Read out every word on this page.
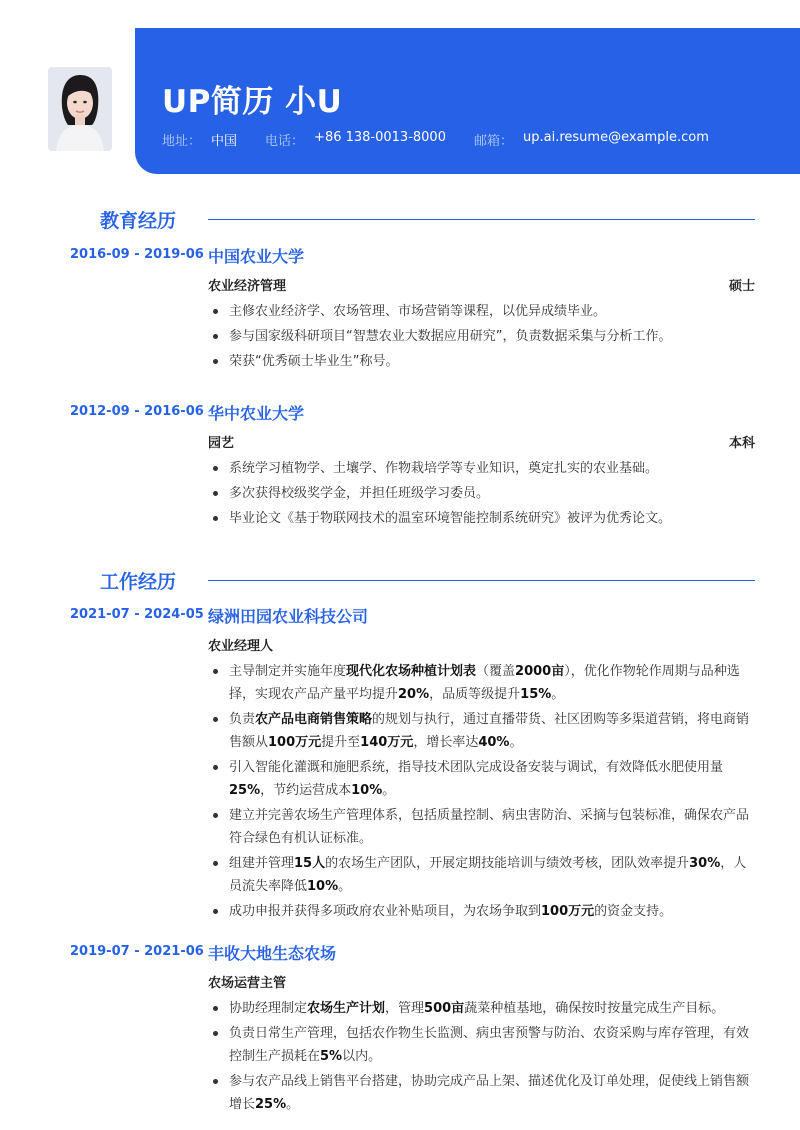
UP简历 小U
地址： 中国 电话： +86 138-0013-8000 邮箱： up.ai.resume@example.com
教育经历
2016-09 - 2019-06 中国农业大学
农业经济管理	硕士
主修农业经济学、农场管理、市场营销等课程，以优异成绩毕业。
参与国家级科研项目“智慧农业大数据应用研究”，负责数据采集与分析工作。
荣获“优秀硕士毕业生”称号。
2012-09 - 2016-06 华中农业大学
园艺	本科
系统学习植物学、土壤学、作物栽培学等专业知识，奠定扎实的农业基础。
多次获得校级奖学金，并担任班级学习委员。
毕业论文《基于物联网技术的温室环境智能控制系统研究》被评为优秀论文。
工作经历
2021-07 - 2024-05 绿洲田园农业科技公司
农业经理人
主导制定并实施年度现代化农场种植计划表（覆盖2000亩），优化作物轮作周期与品种选择，实现农产品产量平均提升20%，品质等级提升15%。
负责农产品电商销售策略的规划与执行，通过直播带货、社区团购等多渠道营销，将电商销售额从100万元提升至140万元，增长率达40%。
引入智能化灌溉和施肥系统，指导技术团队完成设备安装与调试，有效降低水肥使用量25%，节约运营成本10%。
建立并完善农场生产管理体系，包括质量控制、病虫害防治、采摘与包装标准，确保农产品符合绿色有机认证标准。
组建并管理15人的农场生产团队，开展定期技能培训与绩效考核，团队效率提升30%，人员流失率降低10%。
成功申报并获得多项政府农业补贴项目，为农场争取到100万元的资金支持。
2019-07 - 2021-06 丰收大地生态农场
农场运营主管
协助经理制定农场生产计划，管理500亩蔬菜种植基地，确保按时按量完成生产目标。
负责日常生产管理，包括农作物生长监测、病虫害预警与防治、农资采购与库存管理，有效控制生产损耗在5%以内。
参与农产品线上销售平台搭建，协助完成产品上架、描述优化及订单处理，促使线上销售额增长25%。
